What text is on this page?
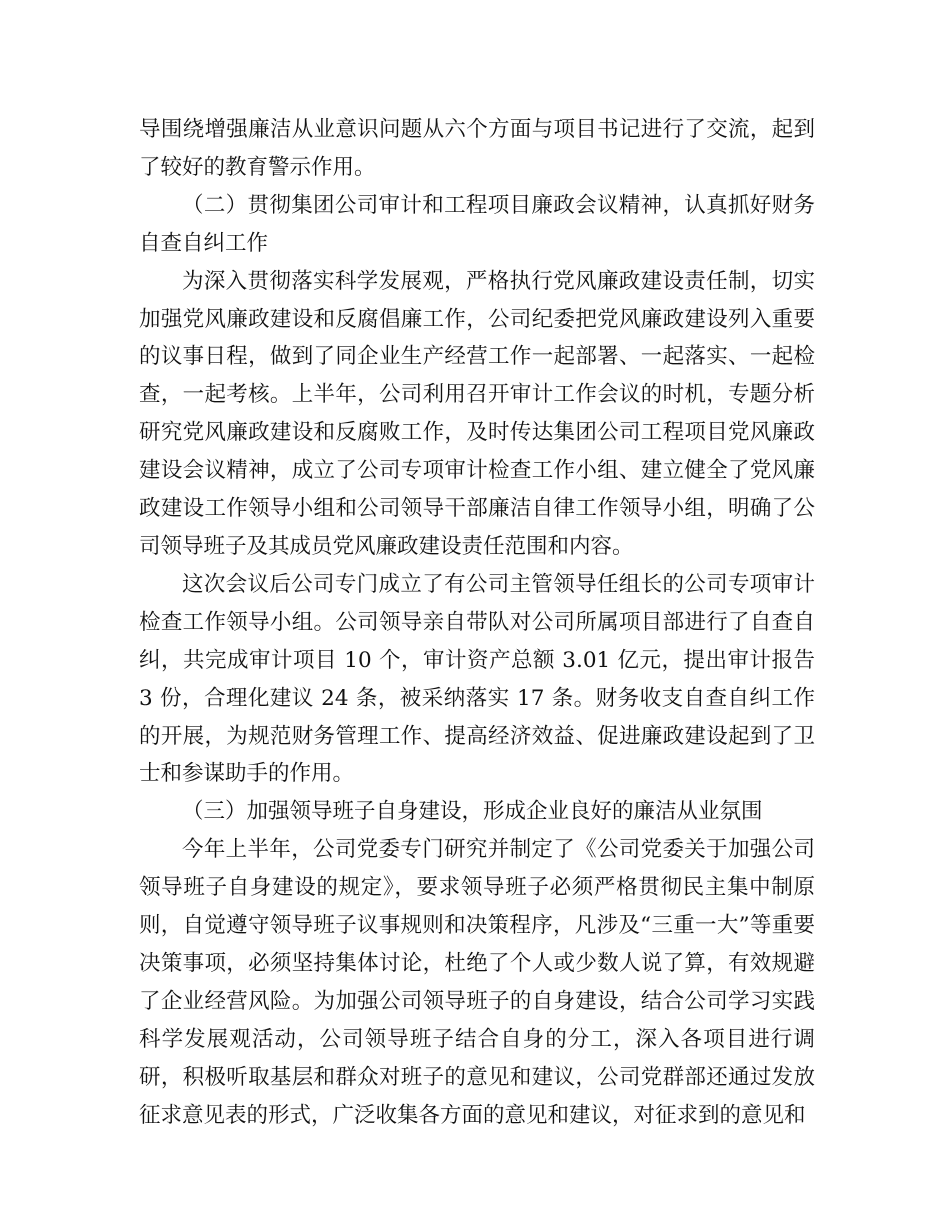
导围绕增强廉洁从业意识问题从六个方面与项目书记进行了交流，起到了较好的教育警示作用。

（二）贯彻集团公司审计和工程项目廉政会议精神，认真抓好财务自查自纠工作

为深入贯彻落实科学发展观，严格执行党风廉政建设责任制，切实加强党风廉政建设和反腐倡廉工作，公司纪委把党风廉政建设列入重要的议事日程，做到了同企业生产经营工作一起部署、一起落实、一起检查，一起考核。上半年，公司利用召开审计工作会议的时机，专题分析研究党风廉政建设和反腐败工作，及时传达集团公司工程项目党风廉政建设会议精神，成立了公司专项审计检查工作小组、建立健全了党风廉政建设工作领导小组和公司领导干部廉洁自律工作领导小组，明确了公司领导班子及其成员党风廉政建设责任范围和内容。

这次会议后公司专门成立了有公司主管领导任组长的公司专项审计检查工作领导小组。公司领导亲自带队对公司所属项目部进行了自查自纠，共完成审计项目 10 个，审计资产总额 3.01 亿元，提出审计报告 3 份，合理化建议 24 条，被采纳落实 17 条。财务收支自查自纠工作的开展，为规范财务管理工作、提高经济效益、促进廉政建设起到了卫士和参谋助手的作用。

（三）加强领导班子自身建设，形成企业良好的廉洁从业氛围

今年上半年，公司党委专门研究并制定了《公司党委关于加强公司领导班子自身建设的规定》，要求领导班子必须严格贯彻民主集中制原则，自觉遵守领导班子议事规则和决策程序，凡涉及“三重一大”等重要决策事项，必须坚持集体讨论，杜绝了个人或少数人说了算，有效规避了企业经营风险。为加强公司领导班子的自身建设，结合公司学习实践科学发展观活动，公司领导班子结合自身的分工，深入各项目进行调研，积极听取基层和群众对班子的意见和建议，公司党群部还通过发放征求意见表的形式，广泛收集各方面的意见和建议，对征求到的意见和
